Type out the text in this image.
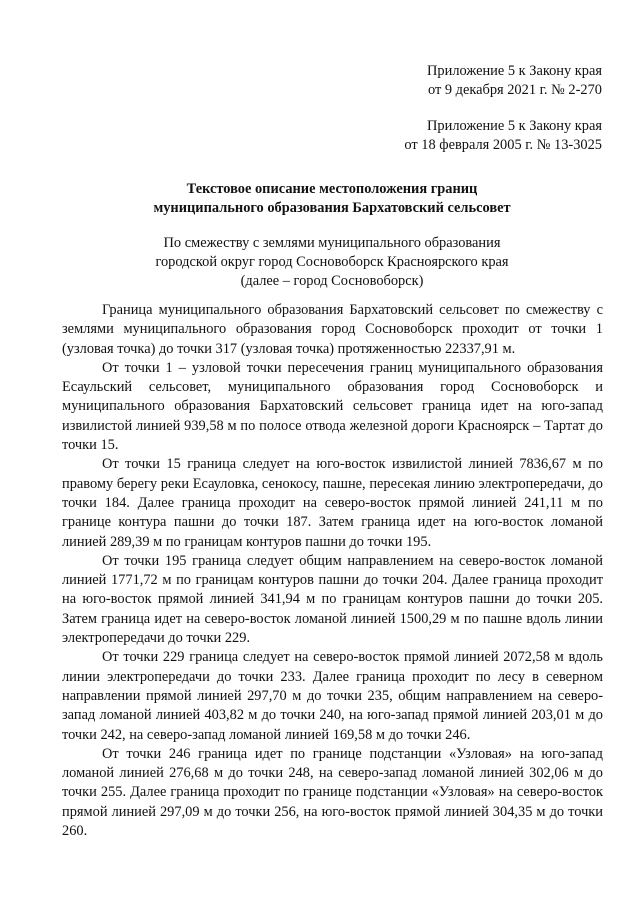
Приложение 5 к Закону края
от 9 декабря 2021 г. № 2-270
Приложение 5 к Закону края
от 18 февраля 2005 г. № 13-3025
Текстовое описание местоположения границ
муниципального образования Бархатовский сельсовет
По смежеству с землями муниципального образования
городской округ город Сосновоборск Красноярского края
(далее – город Сосновоборск)

Граница муниципального образования Бархатовский сельсовет по смежеству с землями муниципального образования город Сосновоборск проходит от точки 1 (узловая точка) до точки 317 (узловая точка) протяженностью 22337,91 м.

От точки 1 – узловой точки пересечения границ муниципального образования Есаульский сельсовет, муниципального образования город Сосновоборск и муниципального образования Бархатовский сельсовет граница идет на юго-запад извилистой линией 939,58 м по полосе отвода железной дороги Красноярск – Тартат до точки 15.

От точки 15 граница следует на юго-восток извилистой линией 7836,67 м по правому берегу реки Есауловка, сенокосу, пашне, пересекая линию электропередачи, до точки 184. Далее граница проходит на северо-восток прямой линией 241,11 м по границе контура пашни до точки 187. Затем граница идет на юго-восток ломаной линией 289,39 м по границам контуров пашни до точки 195.

От точки 195 граница следует общим направлением на северо-восток ломаной линией 1771,72 м по границам контуров пашни до точки 204. Далее граница проходит на юго-восток прямой линией 341,94 м по границам контуров пашни до точки 205. Затем граница идет на северо-восток ломаной линией 1500,29 м по пашне вдоль линии электропередачи до точки 229.

От точки 229 граница следует на северо-восток прямой линией 2072,58 м вдоль линии электропередачи до точки 233. Далее граница проходит по лесу в северном направлении прямой линией 297,70 м до точки 235, общим направлением на северо-запад ломаной линией 403,82 м до точки 240, на юго-запад прямой линией 203,01 м до точки 242, на северо-запад ломаной линией 169,58 м до точки 246.

От точки 246 граница идет по границе подстанции «Узловая» на юго-запад ломаной линией 276,68 м до точки 248, на северо-запад ломаной линией 302,06 м до точки 255. Далее граница проходит по границе подстанции «Узловая» на северо-восток прямой линией 297,09 м до точки 256, на юго-восток прямой линией 304,35 м до точки 260.
